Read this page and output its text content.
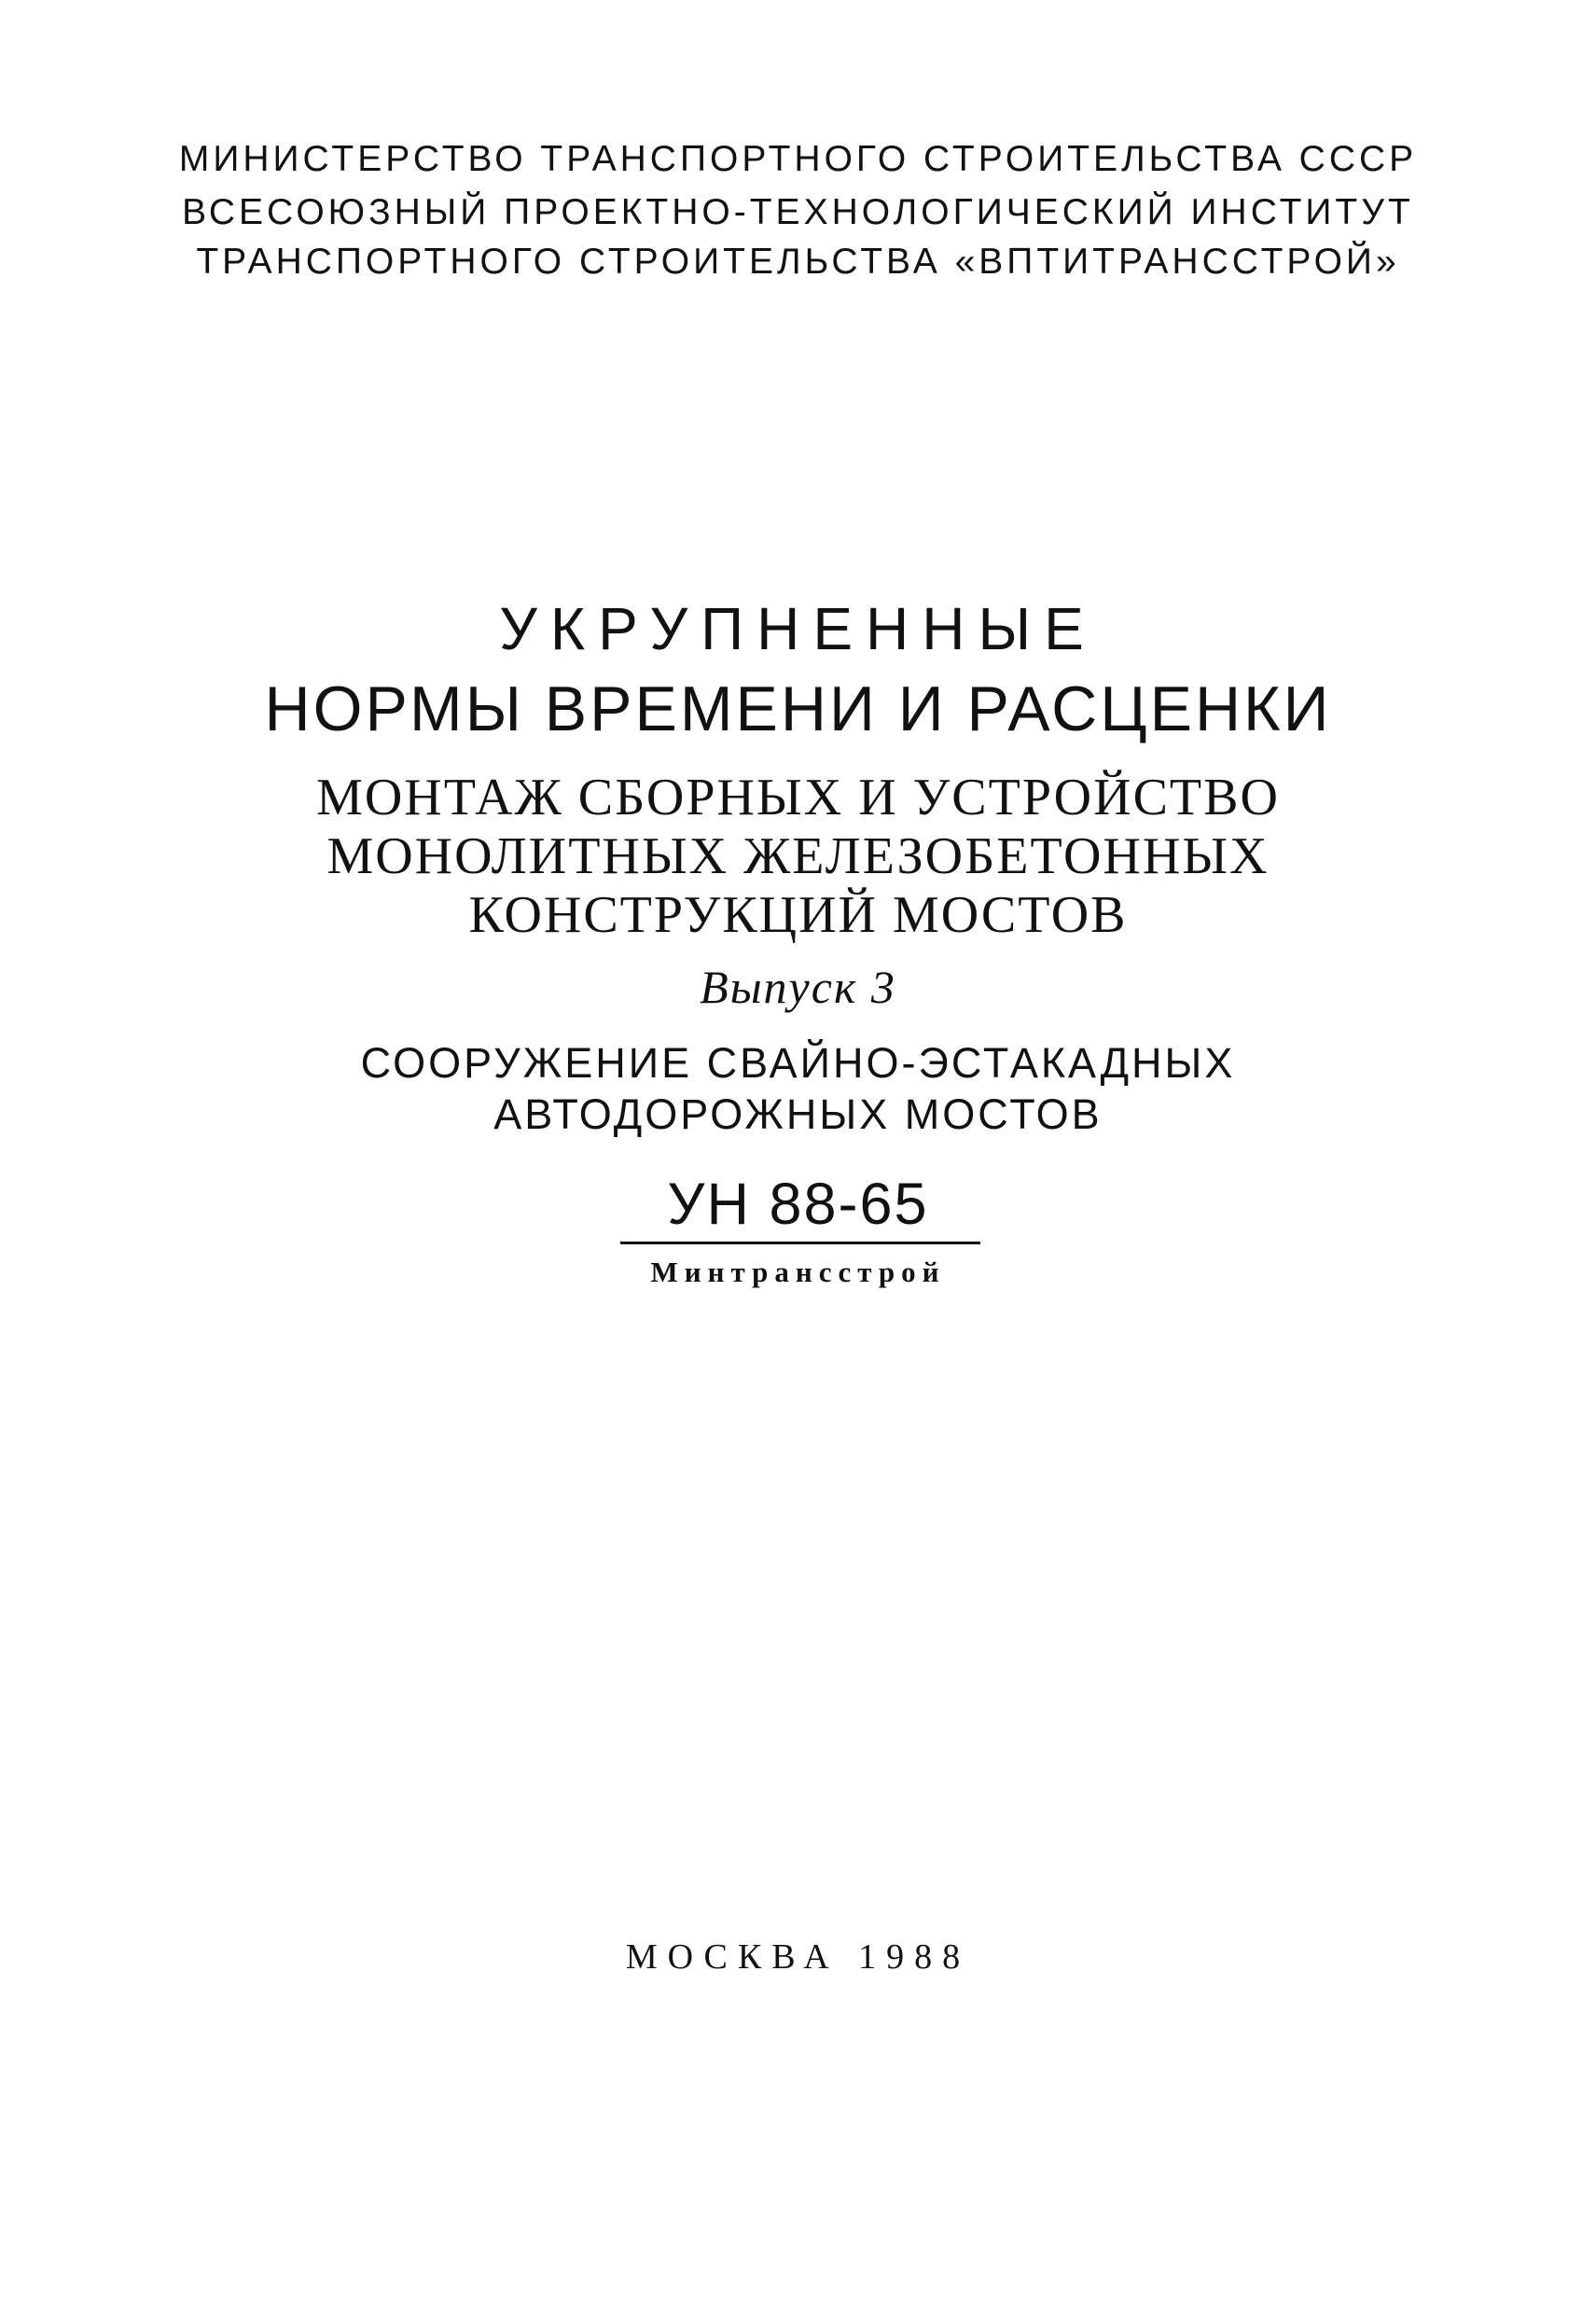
МИНИСТЕРСТВО ТРАНСПОРТНОГО СТРОИТЕЛЬСТВА СССР
ВСЕСОЮЗНЫЙ ПРОЕКТНО-ТЕХНОЛОГИЧЕСКИЙ ИНСТИТУТ
ТРАНСПОРТНОГО СТРОИТЕЛЬСТВА «ВПТИТРАНССТРОЙ»
УКРУПНЕННЫЕ
НОРМЫ ВРЕМЕНИ И РАСЦЕНКИ
МОНТАЖ СБОРНЫХ И УСТРОЙСТВО
МОНОЛИТНЫХ ЖЕЛЕЗОБЕТОННЫХ
КОНСТРУКЦИЙ МОСТОВ
Выпуск 3
СООРУЖЕНИЕ СВАЙНО-ЭСТАКАДНЫХ
АВТОДОРОЖНЫХ МОСТОВ
УН 88-65
Минтрансстрой
МОСКВА 1988
